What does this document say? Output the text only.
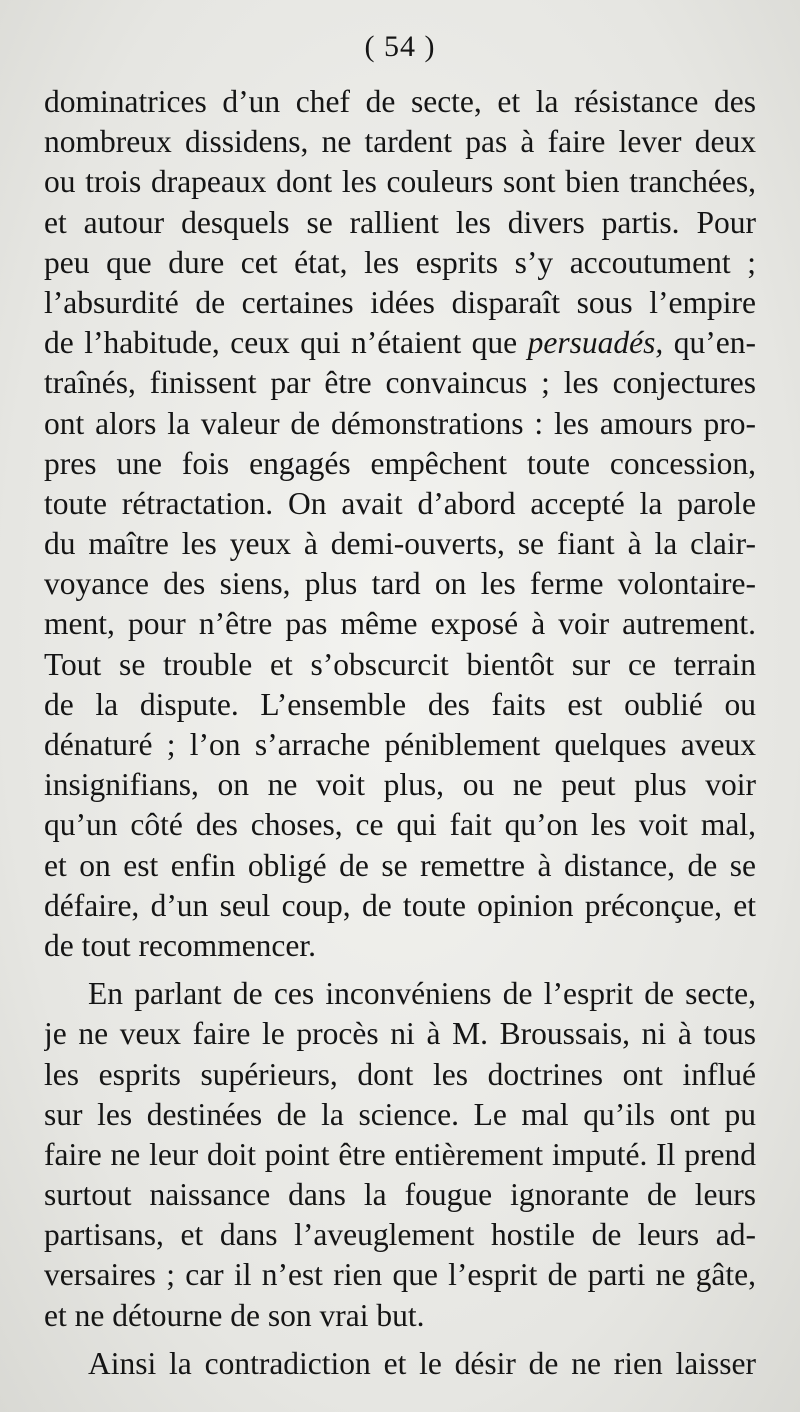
( 54 )
dominatrices d’un chef de secte, et la résistance des
nombreux dissidens, ne tardent pas à faire lever deux
ou trois drapeaux dont les couleurs sont bien tranchées,
et autour desquels se rallient les divers partis. Pour
peu que dure cet état, les esprits s’y accoutument ;
l’absurdité de certaines idées disparaît sous l’empire
de l’habitude, ceux qui n’étaient que persuadés, qu’en-
traînés, finissent par être convaincus ; les conjectures
ont alors la valeur de démonstrations : les amours pro-
pres une fois engagés empêchent toute concession,
toute rétractation. On avait d’abord accepté la parole
du maître les yeux à demi-ouverts, se fiant à la clair-
voyance des siens, plus tard on les ferme volontaire-
ment, pour n’être pas même exposé à voir autrement.
Tout se trouble et s’obscurcit bientôt sur ce terrain
de la dispute. L’ensemble des faits est oublié ou
dénaturé ; l’on s’arrache péniblement quelques aveux
insignifians, on ne voit plus, ou ne peut plus voir
qu’un côté des choses, ce qui fait qu’on les voit mal,
et on est enfin obligé de se remettre à distance, de se
défaire, d’un seul coup, de toute opinion préconçue, et
de tout recommencer.
En parlant de ces inconvéniens de l’esprit de secte,
je ne veux faire le procès ni à M. Broussais, ni à tous
les esprits supérieurs, dont les doctrines ont influé
sur les destinées de la science. Le mal qu’ils ont pu
faire ne leur doit point être entièrement imputé. Il prend
surtout naissance dans la fougue ignorante de leurs
partisans, et dans l’aveuglement hostile de leurs ad-
versaires ; car il n’est rien que l’esprit de parti ne gâte,
et ne détourne de son vrai but.
Ainsi la contradiction et le désir de ne rien laisser
